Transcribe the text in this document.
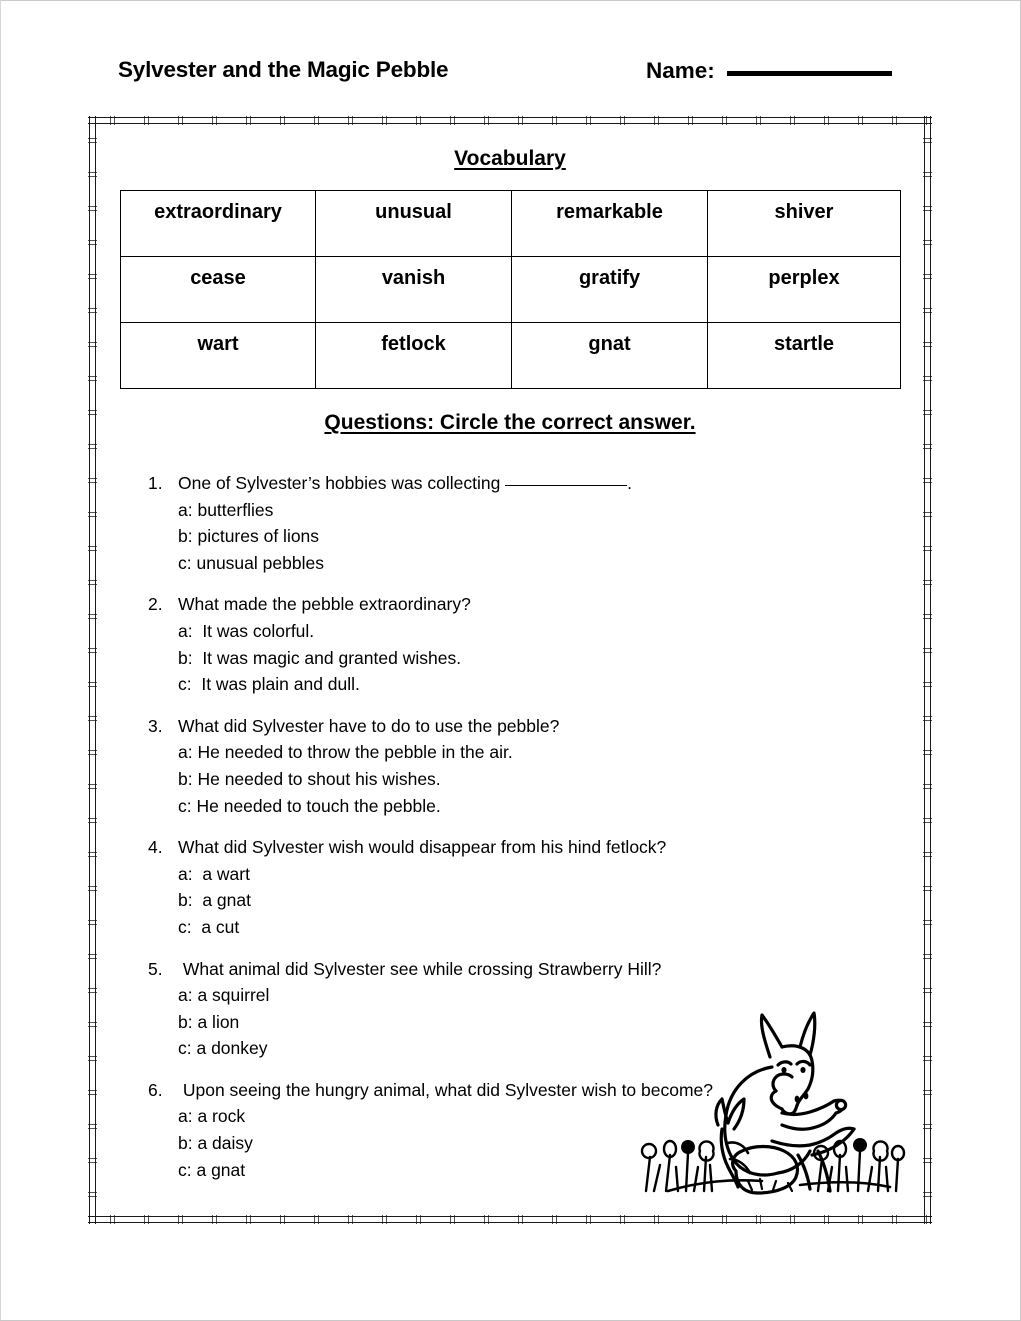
Sylvester and the Magic Pebble	Name:
Vocabulary
extraordinary	unusual	remarkable	shiver
cease	vanish	gratify	perplex
wart	fetlock	gnat	startle
Questions: Circle the correct answer.
1. One of Sylvester’s hobbies was collecting	.
a: butterflies
b: pictures of lions
c: unusual pebbles
2. What made the pebble extraordinary?
a:  It was colorful.
b:  It was magic and granted wishes.
c:  It was plain and dull.
3. What did Sylvester have to do to use the pebble?
a: He needed to throw the pebble in the air.
b: He needed to shout his wishes.
c: He needed to touch the pebble.
4. What did Sylvester wish would disappear from his hind fetlock?
a:  a wart
b:  a gnat
c:  a cut
5. What animal did Sylvester see while crossing Strawberry Hill?
a: a squirrel
b: a lion
c: a donkey
6. Upon seeing the hungry animal, what did Sylvester wish to become?
a: a rock
b: a daisy
c: a gnat
